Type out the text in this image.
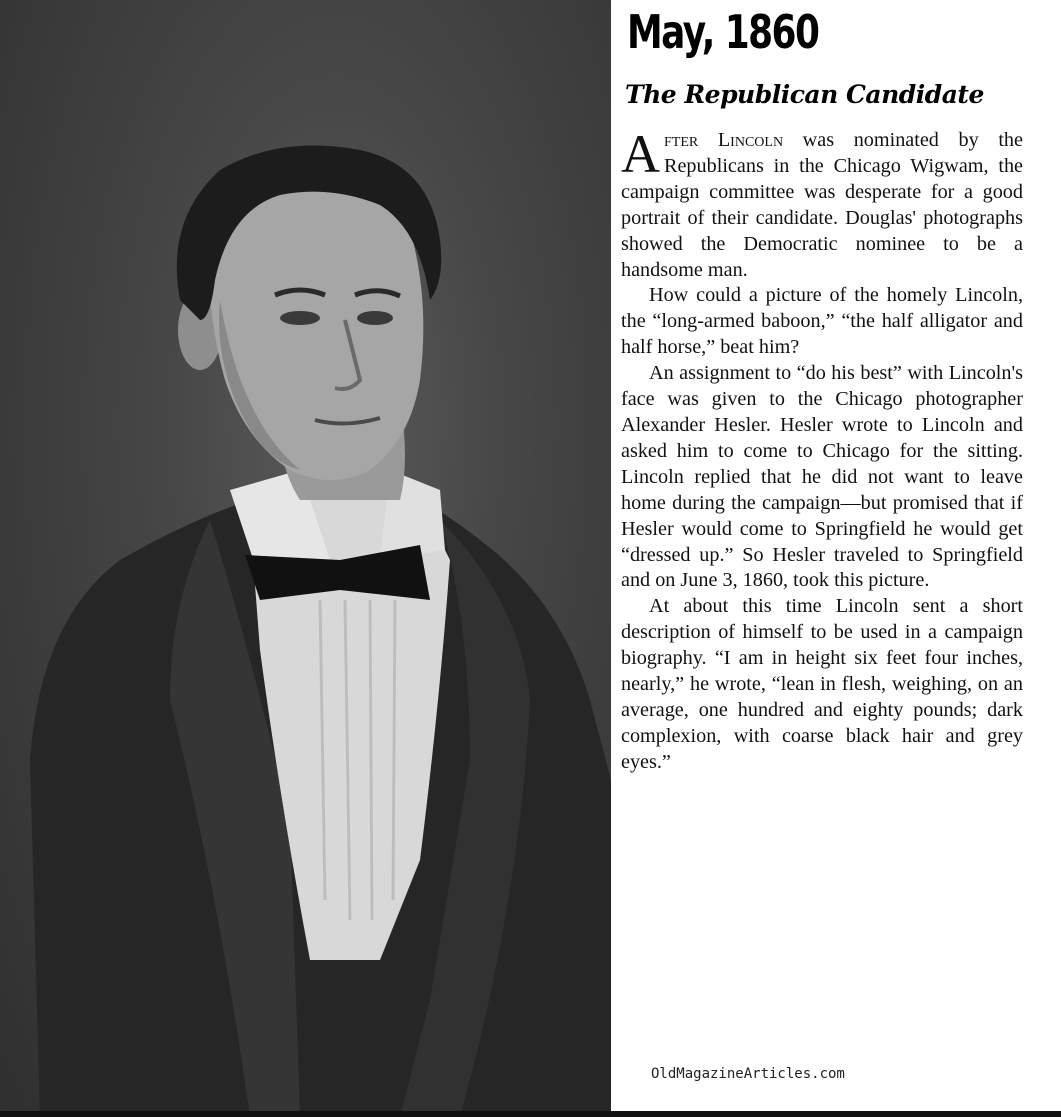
May, 1860
The Republican Candidate

After Lincoln was nominated by the Republicans in the Chicago Wigwam, the campaign committee was desperate for a good portrait of their candidate. Douglas' photographs showed the Democratic nominee to be a handsome man.

How could a picture of the homely Lincoln, the “long-armed baboon,” “the half alligator and half horse,” beat him?

An assignment to “do his best” with Lincoln's face was given to the Chicago photographer Alexander Hesler. Hesler wrote to Lincoln and asked him to come to Chicago for the sitting. Lincoln replied that he did not want to leave home during the campaign—but promised that if Hesler would come to Springfield he would get “dressed up.” So Hesler traveled to Springfield and on June 3, 1860, took this picture.

At about this time Lincoln sent a short description of himself to be used in a campaign biography. “I am in height six feet four inches, nearly,” he wrote, “lean in flesh, weighing, on an average, one hundred and eighty pounds; dark complexion, with coarse black hair and grey eyes.”

OldMagazineArticles.com
